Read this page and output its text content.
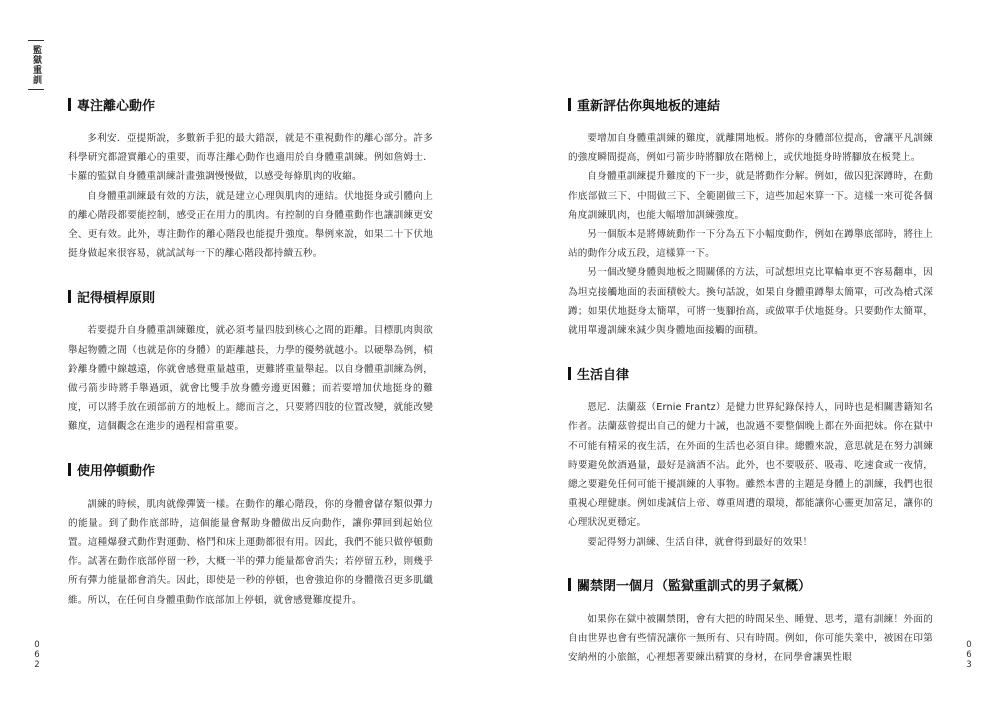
監獄重訓
專注離心動作

多利安．亞提斯說，多數新手犯的最大錯誤，就是不重視動作的離心部分。許多科學研究都證實離心的重要，而專注離心動作也適用於自身體重訓練。例如詹姆士．卡羅的監獄自身體重訓練計畫強調慢慢做，以感受每條肌肉的收縮。

自身體重訓練最有效的方法，就是建立心理與肌肉的連結。伏地挺身或引體向上的離心階段都要能控制，感受正在用力的肌肉。有控制的自身體重動作也讓訓練更安全、更有效。此外，專注動作的離心階段也能提升強度。舉例來說，如果二十下伏地挺身做起來很容易，就試試每一下的離心階段都持續五秒。

記得槓桿原則

若要提升自身體重訓練難度，就必須考量四肢到核心之間的距離。目標肌肉與欲舉起物體之間（也就是你的身體）的距離越長，力學的優勢就越小。以硬舉為例，槓鈴離身體中線越遠，你就會感覺重量越重，更難將重量舉起。以自身體重訓練為例，做弓箭步時將手舉過頭，就會比雙手放身體旁邊更困難；而若要增加伏地挺身的難度，可以將手放在頭部前方的地板上。總而言之，只要將四肢的位置改變，就能改變難度，這個觀念在進步的過程相當重要。

使用停頓動作

訓練的時候，肌肉就像彈簧一樣。在動作的離心階段，你的身體會儲存類似彈力的能量。到了動作底部時，這個能量會幫助身體做出反向動作，讓你彈回到起始位置。這種爆發式動作對運動、格鬥和床上運動都很有用。因此，我們不能只做停頓動作。試著在動作底部停留一秒，大概一半的彈力能量都會消失；若停留五秒，則幾乎所有彈力能量都會消失。因此，即使是一秒的停頓，也會強迫你的身體徵召更多肌纖維。所以，在任何自身體重動作底部加上停頓，就會感覺難度提升。

重新評估你與地板的連結

要增加自身體重訓練的難度，就離開地板。將你的身體部位提高，會讓平凡訓練的強度瞬間提高，例如弓箭步時將腳放在階梯上，或伏地挺身時將腳放在板凳上。

自身體重訓練提升難度的下一步，就是將動作分解。例如，做囚犯深蹲時，在動作底部做三下、中間做三下、全範圍做三下，這些加起來算一下。這樣一來可從各個角度訓練肌肉，也能大幅增加訓練強度。

另一個版本是將傳統動作一下分為五下小幅度動作，例如在蹲舉底部時，將往上站的動作分成五段，這樣算一下。

另一個改變身體與地板之間關係的方法，可試想坦克比單輪車更不容易翻車，因為坦克接觸地面的表面積較大。換句話說，如果自身體重蹲舉太簡單，可改為槍式深蹲；如果伏地挺身太簡單，可將一隻腳抬高，或做單手伏地挺身。只要動作太簡單，就用單邊訓練來減少與身體地面接觸的面積。

生活自律

恩尼．法蘭茲（Ernie Frantz）是健力世界紀錄保持人，同時也是相關書籍知名作者。法蘭茲曾提出自己的健力十誡，也說過不要整個晚上都在外面把妹。你在獄中不可能有精采的夜生活，在外面的生活也必須自律。總體來說，意思就是在努力訓練時要避免飲酒過量，最好是滴酒不沾。此外，也不要吸菸、吸毒、吃速食或一夜情，總之要避免任何可能干擾訓練的人事物。雖然本書的主題是身體上的訓練，我們也很重視心理健康。例如虔誠信上帝、尊重周遭的環境，都能讓你心靈更加富足，讓你的心理狀況更穩定。

要記得努力訓練、生活自律，就會得到最好的效果！

關禁閉一個月（監獄重訓式的男子氣概）

如果你在獄中被關禁閉，會有大把的時間呆坐、睡覺、思考，還有訓練！外面的自由世界也會有些情況讓你一無所有、只有時間。例如，你可能失業中，被困在印第安納州的小旅館，心裡想著要練出精實的身材，在同學會讓異性眼

0
6
2
0
6
3
